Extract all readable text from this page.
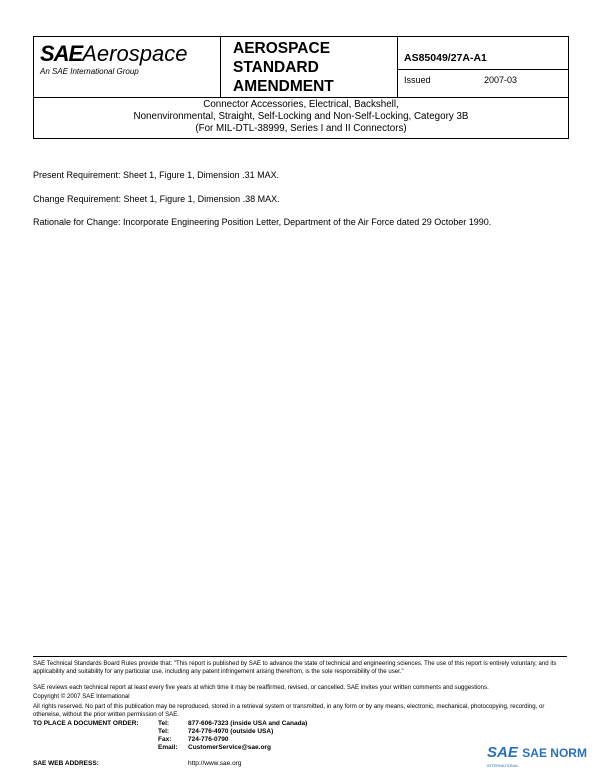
SAEAerospace
An SAE International Group
AEROSPACE
STANDARD
AMENDMENT
AS85049/27A-A1
Issued	2007-03
Connector Accessories, Electrical, Backshell,
Nonenvironmental, Straight, Self-Locking and Non-Self-Locking, Category 3B
(For MIL-DTL-38999, Series I and II Connectors)
Present Requirement: Sheet 1, Figure 1, Dimension .31 MAX.
Change Requirement: Sheet 1, Figure 1, Dimension .38 MAX.
Rationale for Change: Incorporate Engineering Position Letter, Department of the Air Force dated 29 October 1990.
SAE Technical Standards Board Rules provide that: "This report is published by SAE to advance the state of technical and engineering sciences. The use of this report is entirely voluntary, and its applicability and suitability for any particular use, including any patent infringement arising therefrom, is the sole responsibility of the user."
SAE reviews each technical report at least every five years at which time it may be reaffirmed, revised, or cancelled. SAE invites your written comments and suggestions.
Copyright © 2007 SAE International
All rights reserved. No part of this publication may be reproduced, stored in a retrieval system or transmitted, in any form or by any means, electronic, mechanical, photocopying, recording, or otherwise, without the prior written permission of SAE.
TO PLACE A DOCUMENT ORDER:	Tel:	877-606-7323 (inside USA and Canada)
Tel:	724-776-4970 (outside USA)
Fax:	724-776-0790
Email: CustomerService@sae.org
SAE WEB ADDRESS:	http://www.sae.org
SAE SAE NORM
INTERNATIONAL
